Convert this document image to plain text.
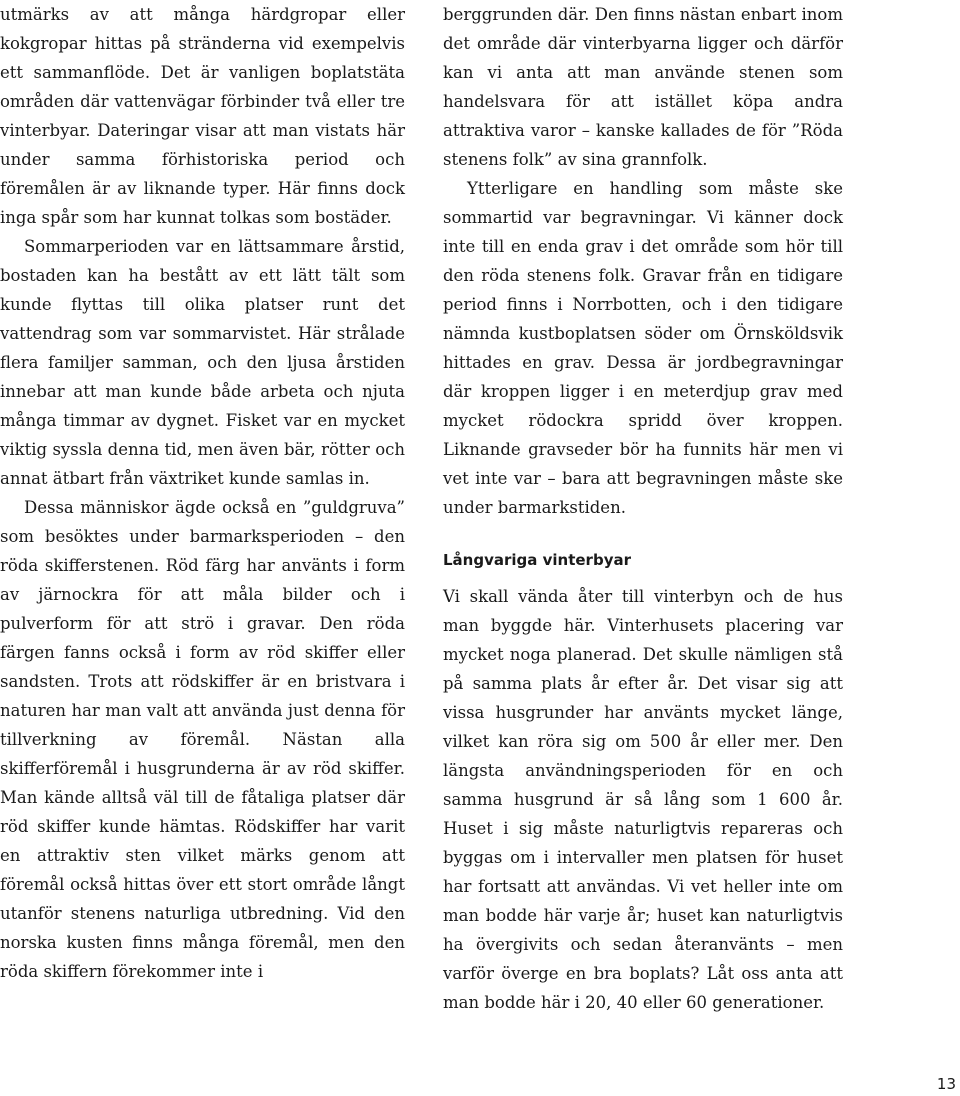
utmärks av att många härdgropar eller kokgropar hittas på stränderna vid exempelvis ett sammanflöde. Det är vanligen boplatstäta områden där vattenvägar förbinder två eller tre vinterbyar. Dateringar visar att man vistats här under samma förhistoriska period och föremålen är av liknande typer. Här finns dock inga spår som har kunnat tolkas som bostäder.

Sommarperioden var en lättsammare årstid, bostaden kan ha bestått av ett lätt tält som kunde flyttas till olika platser runt det vattendrag som var sommarvistet. Här strålade flera familjer samman, och den ljusa årstiden innebar att man kunde både arbeta och njuta många timmar av dygnet. Fisket var en mycket viktig syssla denna tid, men även bär, rötter och annat ätbart från växtriket kunde samlas in.

Dessa människor ägde också en ”guldgruva” som besöktes under barmarksperioden – den röda skifferstenen. Röd färg har använts i form av järnockra för att måla bilder och i pulverform för att strö i gravar. Den röda färgen fanns också i form av röd skiffer eller sandsten. Trots att rödskiffer är en bristvara i naturen har man valt att använda just denna för tillverkning av föremål. Nästan alla skifferföremål i husgrunderna är av röd skiffer. Man kände alltså väl till de fåtaliga platser där röd skiffer kunde hämtas. Rödskiffer har varit en attraktiv sten vilket märks genom att föremål också hittas över ett stort område långt utanför stenens naturliga utbredning. Vid den norska kusten finns många föremål, men den röda skiffern förekommer inte i

berggrunden där. Den finns nästan enbart inom det område där vinterbyarna ligger och därför kan vi anta att man använde stenen som handelsvara för att istället köpa andra attraktiva varor – kanske kallades de för ”Röda stenens folk” av sina grannfolk.

Ytterligare en handling som måste ske sommartid var begravningar. Vi känner dock inte till en enda grav i det område som hör till den röda stenens folk. Gravar från en tidigare period finns i Norrbotten, och i den tidigare nämnda kustboplatsen söder om Örnsköldsvik hittades en grav. Dessa är jordbegravningar där kroppen ligger i en meterdjup grav med mycket rödockra spridd över kroppen. Liknande gravseder bör ha funnits här men vi vet inte var – bara att begravningen måste ske under barmarkstiden.

Långvariga vinterbyar

Vi skall vända åter till vinterbyn och de hus man byggde här. Vinterhusets placering var mycket noga planerad. Det skulle nämligen stå på samma plats år efter år. Det visar sig att vissa husgrunder har använts mycket länge, vilket kan röra sig om 500 år eller mer. Den längsta användningsperioden för en och samma husgrund är så lång som 1 600 år. Huset i sig måste naturligtvis repareras och byggas om i intervaller men platsen för huset har fortsatt att användas. Vi vet heller inte om man bodde här varje år; huset kan naturligtvis ha övergivits och sedan återanvänts – men varför överge en bra boplats? Låt oss anta att man bodde här i 20, 40 eller 60 generationer.

13
